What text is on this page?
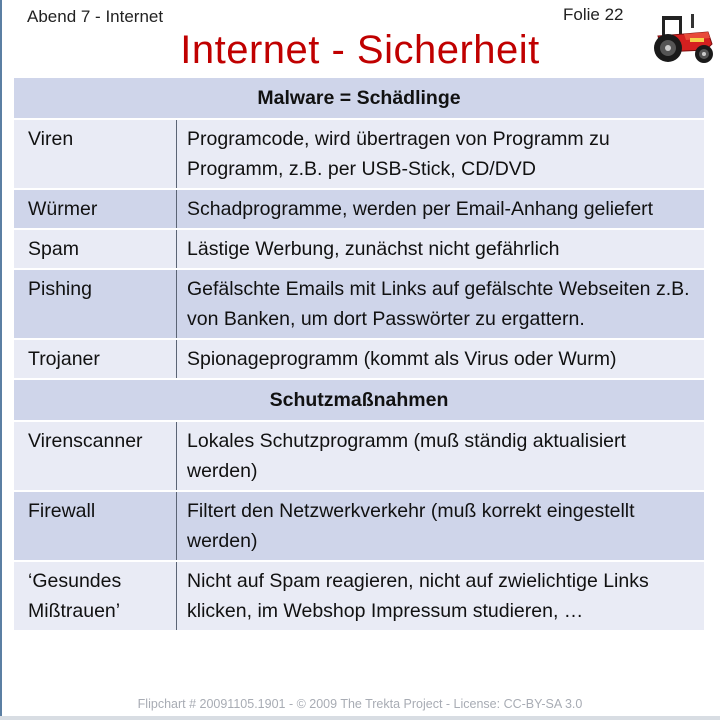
Abend 7 - Internet	Folie 22
Internet - Sicherheit
Malware = Schädlinge	
Viren	Programcode, wird übertragen von Programm zu Programm, z.B. per USB-Stick, CD/DVD
Würmer	Schadprogramme, werden per Email-Anhang geliefert
Spam	Lästige Werbung, zunächst nicht gefährlich
Pishing	Gefälschte Emails mit Links auf gefälschte Webseiten z.B. von Banken, um dort Passwörter zu ergattern.
Trojaner	Spionageprogramm (kommt als Virus oder Wurm)
Schutzmaßnahmen	
Virenscanner	Lokales Schutzprogramm (muß ständig aktualisiert werden)
Firewall	Filtert den Netzwerkverkehr (muß korrekt eingestellt werden)
‘Gesundes Mißtrauen’	Nicht auf Spam reagieren, nicht auf zwielichtige Links klicken, im Webshop Impressum studieren, …
Flipchart # 20091105.1901 - © 2009 The Trekta Project - License: CC-BY-SA 3.0
